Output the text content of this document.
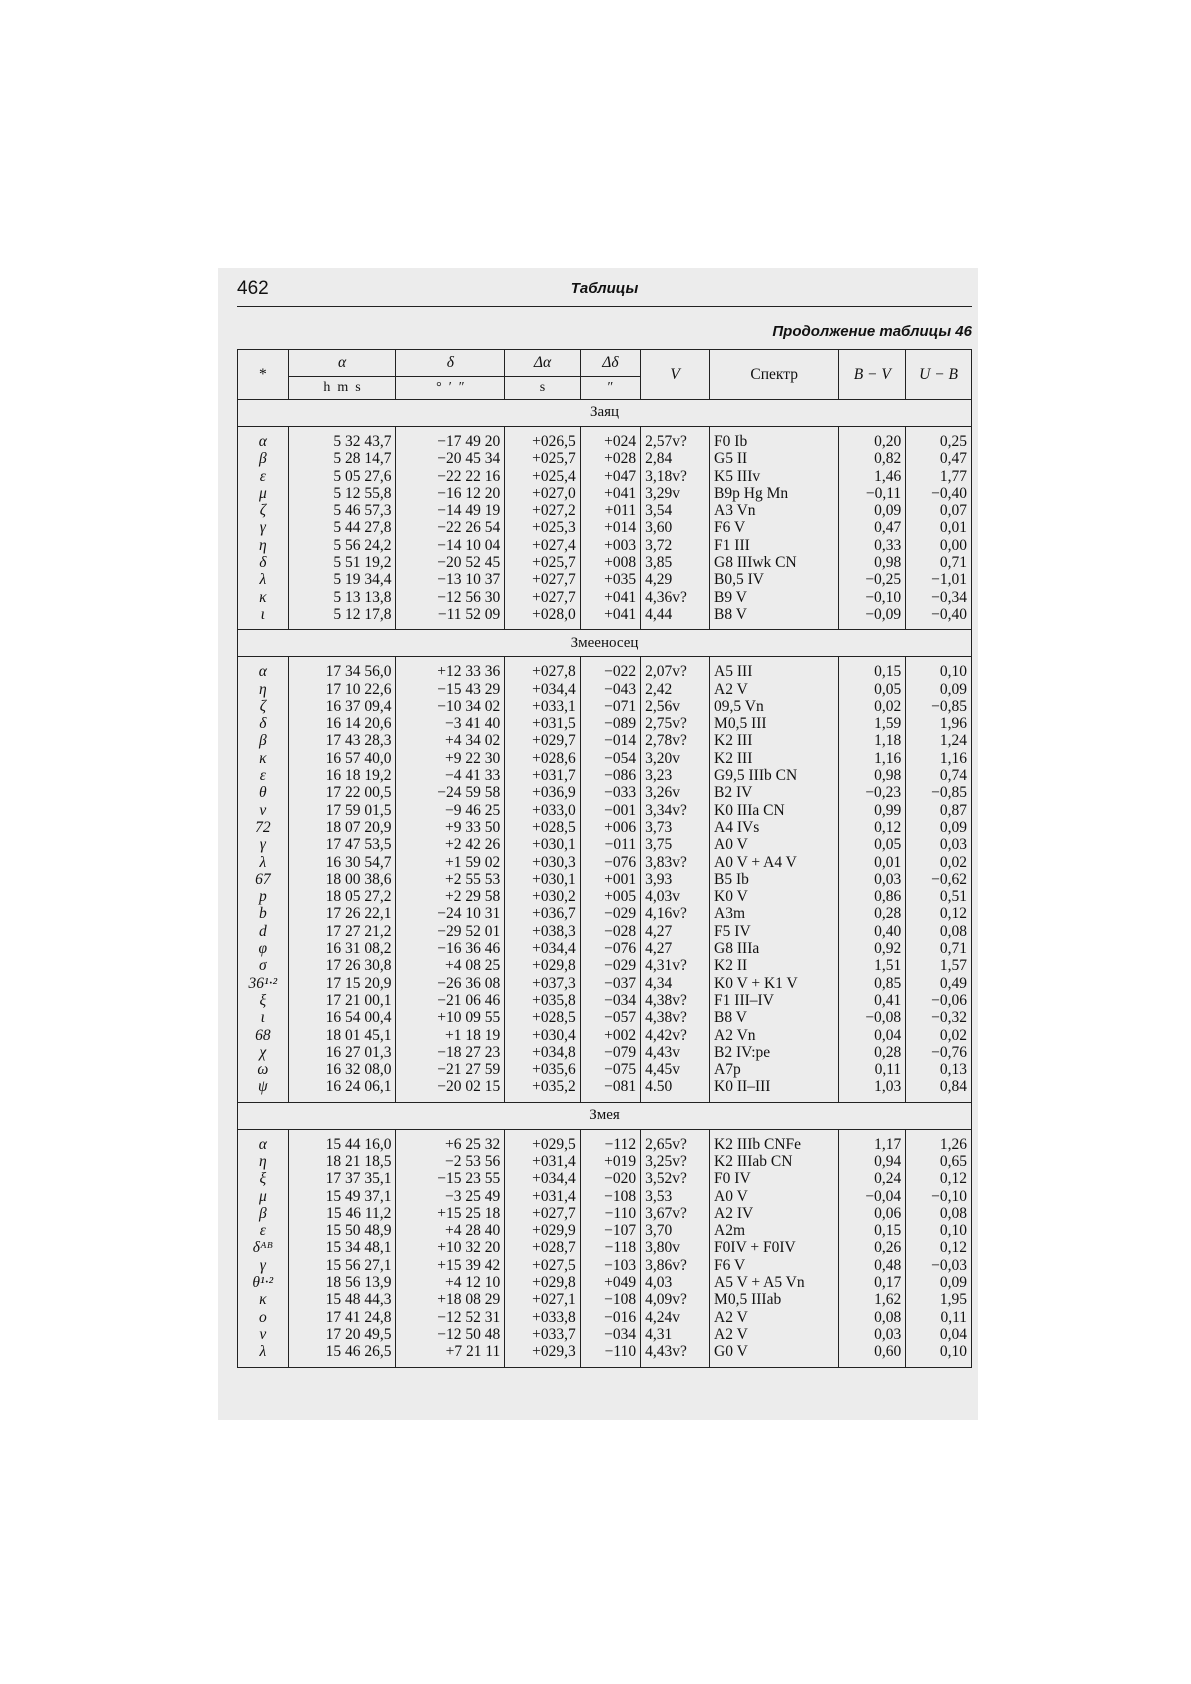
462	Таблицы
Продолжение таблицы 46
*	α	δ	Δα	Δδ	V	Спектр	B − V	U − B
	h  m  s	°  ′  ″	s	″				
Заяц								

α	5 32 43,7	−17 49 20	+026,5	+024	2,57v?	F0 Ib	0,20	0,25
β	5 28 14,7	−20 45 34	+025,7	+028	2,84	G5 II	0,82	0,47
ε	5 05 27,6	−22 22 16	+025,4	+047	3,18v?	K5 IIIv	1,46	1,77
μ	5 12 55,8	−16 12 20	+027,0	+041	3,29v	B9p Hg Mn	−0,11	−0,40
ζ	5 46 57,3	−14 49 19	+027,2	+011	3,54	A3 Vn	0,09	0,07
γ	5 44 27,8	−22 26 54	+025,3	+014	3,60	F6 V	0,47	0,01
η	5 56 24,2	−14 10 04	+027,4	+003	3,72	F1 III	0,33	0,00
δ	5 51 19,2	−20 52 45	+025,7	+008	3,85	G8 IIIwk CN	0,98	0,71
λ	5 19 34,4	−13 10 37	+027,7	+035	4,29	B0,5 IV	−0,25	−1,01
κ	5 13 13,8	−12 56 30	+027,7	+041	4,36v?	B9 V	−0,10	−0,34
ι	5 12 17,8	−11 52 09	+028,0	+041	4,44	B8 V	−0,09	−0,40

Змееносец								

α	17 34 56,0	+12 33 36	+027,8	−022	2,07v?	A5 III	0,15	0,10
η	17 10 22,6	−15 43 29	+034,4	−043	2,42	A2 V	0,05	0,09
ζ	16 37 09,4	−10 34 02	+033,1	−071	2,56v	09,5 Vn	0,02	−0,85
δ	16 14 20,6	−3 41 40	+031,5	−089	2,75v?	M0,5 III	1,59	1,96
β	17 43 28,3	+4 34 02	+029,7	−014	2,78v?	K2 III	1,18	1,24
κ	16 57 40,0	+9 22 30	+028,6	−054	3,20v	K2 III	1,16	1,16
ε	16 18 19,2	−4 41 33	+031,7	−086	3,23	G9,5 IIIb CN	0,98	0,74
θ	17 22 00,5	−24 59 58	+036,9	−033	3,26v	B2 IV	−0,23	−0,85
ν	17 59 01,5	−9 46 25	+033,0	−001	3,34v?	K0 IIIa CN	0,99	0,87
72	18 07 20,9	+9 33 50	+028,5	+006	3,73	A4 IVs	0,12	0,09
γ	17 47 53,5	+2 42 26	+030,1	−011	3,75	A0 V	0,05	0,03
λ	16 30 54,7	+1 59 02	+030,3	−076	3,83v?	A0 V + A4 V	0,01	0,02
67	18 00 38,6	+2 55 53	+030,1	+001	3,93	B5 Ib	0,03	−0,62
p	18 05 27,2	+2 29 58	+030,2	+005	4,03v	K0 V	0,86	0,51
b	17 26 22,1	−24 10 31	+036,7	−029	4,16v?	A3m	0,28	0,12
d	17 27 21,2	−29 52 01	+038,3	−028	4,27	F5 IV	0,40	0,08
φ	16 31 08,2	−16 36 46	+034,4	−076	4,27	G8 IIIa	0,92	0,71
σ	17 26 30,8	+4 08 25	+029,8	−029	4,31v?	K2 II	1,51	1,57
36¹·²	17 15 20,9	−26 36 08	+037,3	−037	4,34	K0 V + K1 V	0,85	0,49
ξ	17 21 00,1	−21 06 46	+035,8	−034	4,38v?	F1 III–IV	0,41	−0,06
ι	16 54 00,4	+10 09 55	+028,5	−057	4,38v?	B8 V	−0,08	−0,32
68	18 01 45,1	+1 18 19	+030,4	+002	4,42v?	A2 Vn	0,04	0,02
χ	16 27 01,3	−18 27 23	+034,8	−079	4,43v	B2 IV:pe	0,28	−0,76
ω	16 32 08,0	−21 27 59	+035,6	−075	4,45v	A7p	0,11	0,13
ψ	16 24 06,1	−20 02 15	+035,2	−081	4.50	K0 II–III	1,03	0,84

Змея								

α	15 44 16,0	+6 25 32	+029,5	−112	2,65v?	K2 IIIb CNFe	1,17	1,26
η	18 21 18,5	−2 53 56	+031,4	+019	3,25v?	K2 IIIab CN	0,94	0,65
ξ	17 37 35,1	−15 23 55	+034,4	−020	3,52v?	F0 IV	0,24	0,12
μ	15 49 37,1	−3 25 49	+031,4	−108	3,53	A0 V	−0,04	−0,10
β	15 46 11,2	+15 25 18	+027,7	−110	3,67v?	A2 IV	0,06	0,08
ε	15 50 48,9	+4 28 40	+029,9	−107	3,70	A2m	0,15	0,10
δᴬᴮ	15 34 48,1	+10 32 20	+028,7	−118	3,80v	F0IV + F0IV	0,26	0,12
γ	15 56 27,1	+15 39 42	+027,5	−103	3,86v?	F6 V	0,48	−0,03
θ¹·²	18 56 13,9	+4 12 10	+029,8	+049	4,03	A5 V + A5 Vn	0,17	0,09
κ	15 48 44,3	+18 08 29	+027,1	−108	4,09v?	M0,5 IIIab	1,62	1,95
ο	17 41 24,8	−12 52 31	+033,8	−016	4,24v	A2 V	0,08	0,11
ν	17 20 49,5	−12 50 48	+033,7	−034	4,31	A2 V	0,03	0,04
λ	15 46 26,5	+7 21 11	+029,3	−110	4,43v?	G0 V	0,60	0,10
